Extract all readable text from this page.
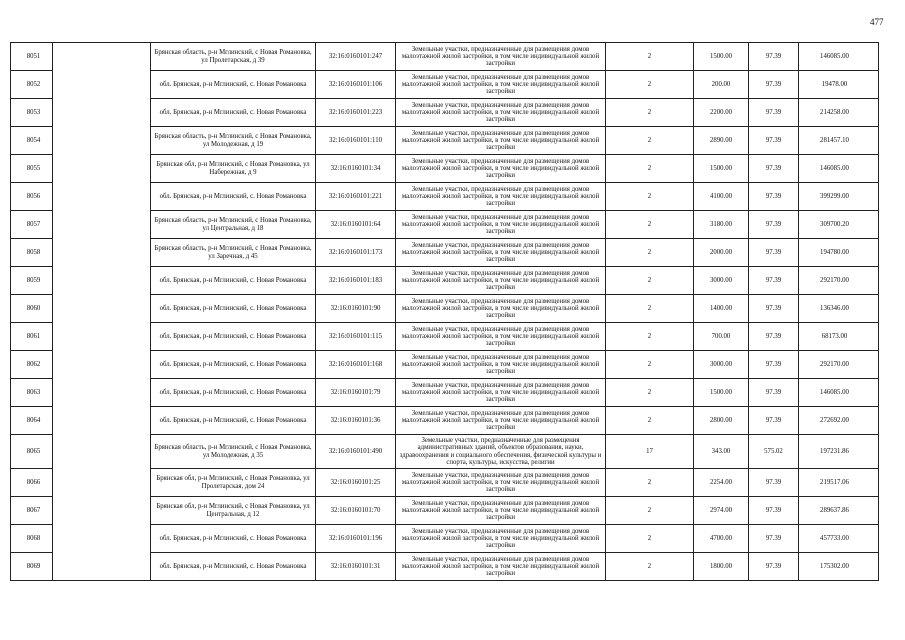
477
8051		Брянская область, р-н Мглинский, с Новая Романовка, ул Пролетарская, д 39	32:16:0160101:247	Земельные участки, предназначенные для размещения домов малоэтажной жилой застройки, в том числе индивидуальной жилой застройки	2	1500.00	97.39	146085.00
8052		обл. Брянская, р-н Мглинский, с. Новая Романовка	32:16:0160101:106	Земельные участки, предназначенные для размещения домов малоэтажной жилой застройки, в том числе индивидуальной жилой застройки	2	200.00	97.39	19478.00
8053		обл. Брянская, р-н Мглинский, с. Новая Романовка	32:16:0160101:223	Земельные участки, предназначенные для размещения домов малоэтажной жилой застройки, в том числе индивидуальной жилой застройки	2	2200.00	97.39	214258.00
8054		Брянская область, р-н Мглинский, с Новая Романовка, ул Молодежная, д 19	32:16:0160101:110	Земельные участки, предназначенные для размещения домов малоэтажной жилой застройки, в том числе индивидуальной жилой застройки	2	2890.00	97.39	281457.10
8055		Брянская обл, р-н Мглинский, с Новая Романовка, ул Набережная, д 9	32:16:0160101:34	Земельные участки, предназначенные для размещения домов малоэтажной жилой застройки, в том числе индивидуальной жилой застройки	2	1500.00	97.39	146085.00
8056		обл. Брянская, р-н Мглинский, с. Новая Романовка	32:16:0160101:221	Земельные участки, предназначенные для размещения домов малоэтажной жилой застройки, в том числе индивидуальной жилой застройки	2	4100.00	97.39	399299.00
8057		Брянская область, р-н Мглинский, с Новая Романовка, ул Центральная, д 18	32:16:0160101:64	Земельные участки, предназначенные для размещения домов малоэтажной жилой застройки, в том числе индивидуальной жилой застройки	2	3180.00	97.39	309700.20
8058		Брянская область, р-н Мглинский, с Новая Романовка, ул Заречная, д 45	32:16:0160101:173	Земельные участки, предназначенные для размещения домов малоэтажной жилой застройки, в том числе индивидуальной жилой застройки	2	2000.00	97.39	194780.00
8059		обл. Брянская, р-н Мглинский, с. Новая Романовка	32:16:0160101:183	Земельные участки, предназначенные для размещения домов малоэтажной жилой застройки, в том числе индивидуальной жилой застройки	2	3000.00	97.39	292170.00
8060		обл. Брянская, р-н Мглинский, с. Новая Романовка	32:16:0160101:90	Земельные участки, предназначенные для размещения домов малоэтажной жилой застройки, в том числе индивидуальной жилой застройки	2	1400.00	97.39	136346.00
8061		обл. Брянская, р-н Мглинский, с. Новая Романовка	32:16:0160101:115	Земельные участки, предназначенные для размещения домов малоэтажной жилой застройки, в том числе индивидуальной жилой застройки	2	700.00	97.39	68173.00
8062		обл. Брянская, р-н Мглинский, с. Новая Романовка	32:16:0160101:168	Земельные участки, предназначенные для размещения домов малоэтажной жилой застройки, в том числе индивидуальной жилой застройки	2	3000.00	97.39	292170.00
8063		обл. Брянская, р-н Мглинский, с. Новая Романовка	32:16:0160101:79	Земельные участки, предназначенные для размещения домов малоэтажной жилой застройки, в том числе индивидуальной жилой застройки	2	1500.00	97.39	146085.00
8064		обл. Брянская, р-н Мглинский, с. Новая Романовка	32:16:0160101:36	Земельные участки, предназначенные для размещения домов малоэтажной жилой застройки, в том числе индивидуальной жилой застройки	2	2800.00	97.39	272692.00
8065		Брянская область, р-н Мглинский, с Новая Романовка, ул Молодежная, д 35	32:16:0160101:490	Земельные участки, предназначенные для размещения административных зданий, объектов образования, науки, здравоохранения и социального обеспечения, физической культуры и спорта, культуры, искусства, религии	17	343.00	575.02	197231.86
8066		Брянская обл, р-н Мглинский, с Новая Романовка, ул Пролетарская, дом 24	32:16:0160101:25	Земельные участки, предназначенные для размещения домов малоэтажной жилой застройки, в том числе индивидуальной жилой застройки	2	2254.00	97.39	219517.06
8067		Брянская обл, р-н Мглинский, с Новая Романовка, ул Центральная, д 12	32:16:0160101:70	Земельные участки, предназначенные для размещения домов малоэтажной жилой застройки, в том числе индивидуальной жилой застройки	2	2974.00	97.39	289637.86
8068		обл. Брянская, р-н Мглинский, с. Новая Романовка	32:16:0160101:196	Земельные участки, предназначенные для размещения домов малоэтажной жилой застройки, в том числе индивидуальной жилой застройки	2	4700.00	97.39	457733.00
8069		обл. Брянская, р-н Мглинский, с. Новая Романовка	32:16:0160101:31	Земельные участки, предназначенные для размещения домов малоэтажной жилой застройки, в том числе индивидуальной жилой застройки	2	1800.00	97.39	175302.00
